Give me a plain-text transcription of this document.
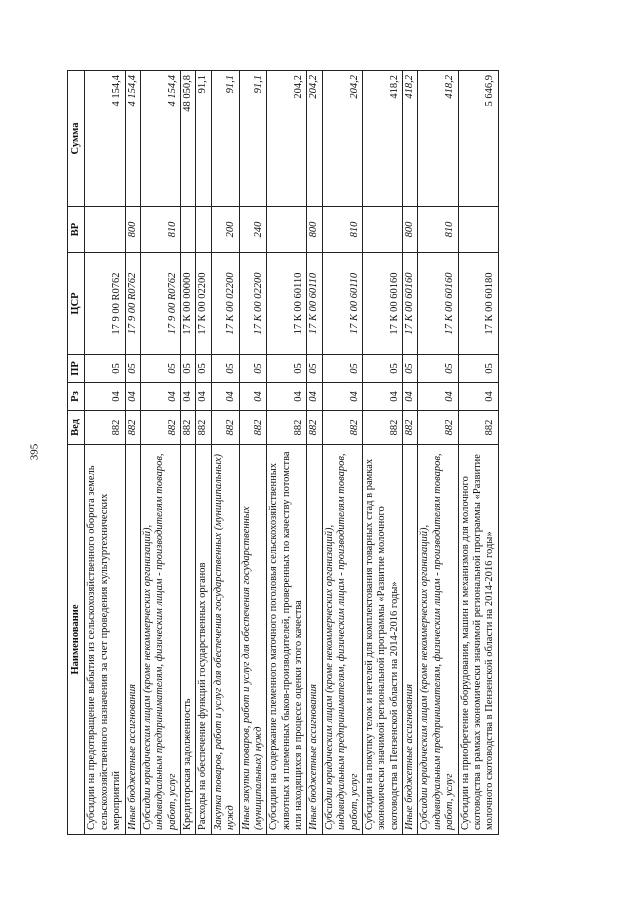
395
Наименование	Вед	Рз	ПР	ЦСР	ВР	Сумма
Субсидии на предотвращение выбытия из сельскохозяйственного оборота земель сельскохозяйственного назначения за счет проведения культуртехнических мероприятий	882	04	05	17 9 00 R0762		4 154,4
Иные бюджетные ассигнования	882	04	05	17 9 00 R0762	800	4 154,4
Субсидии юридическим лицам (кроме некоммерческих организаций), индивидуальным предпринимателям, физическим лицам - производителям товаров, работ, услуг	882	04	05	17 9 00 R0762	810	4 154,4
Кредиторская задолженность	882	04	05	17 К 00 00000		48 050,8
Расходы на обеспечение функций государственных органов	882	04	05	17 К 00 02200		91,1
Закупка товаров, работ и услуг для обеспечения государственных (муниципальных) нужд	882	04	05	17 К 00 02200	200	91,1
Иные закупки товаров, работ и услуг для обеспечения государственных (муниципальных) нужд	882	04	05	17 К 00 02200	240	91,1
Субсидии на содержание племенного маточного поголовья сельскохозяйственных животных и племенных быков-производителей, проверенных по качеству потомства или находящихся в процессе оценки этого качества	882	04	05	17 К 00 60110		204,2
Иные бюджетные ассигнования	882	04	05	17 К 00 60110	800	204,2
Субсидии юридическим лицам (кроме некоммерческих организаций), индивидуальным предпринимателям, физическим лицам - производителям товаров, работ, услуг	882	04	05	17 К 00 60110	810	204,2
Субсидии на покупку телок и нетелей для комплектования товарных стад в рамках экономически значимой региональной программы «Развитие молочного скотоводства в Пензенской области на 2014-2016 годы»	882	04	05	17 К 00 60160		418,2
Иные бюджетные ассигнования	882	04	05	17 К 00 60160	800	418,2
Субсидии юридическим лицам (кроме некоммерческих организаций), индивидуальным предпринимателям, физическим лицам - производителям товаров, работ, услуг	882	04	05	17 К 00 60160	810	418,2
Субсидии на приобретение оборудования, машин и механизмов для молочного скотоводства в рамках экономически значимой региональной программы «Развитие молочного скотоводства в Пензенской области на 2014-2016 годы»	882	04	05	17 К 00 60180		5 646,9
